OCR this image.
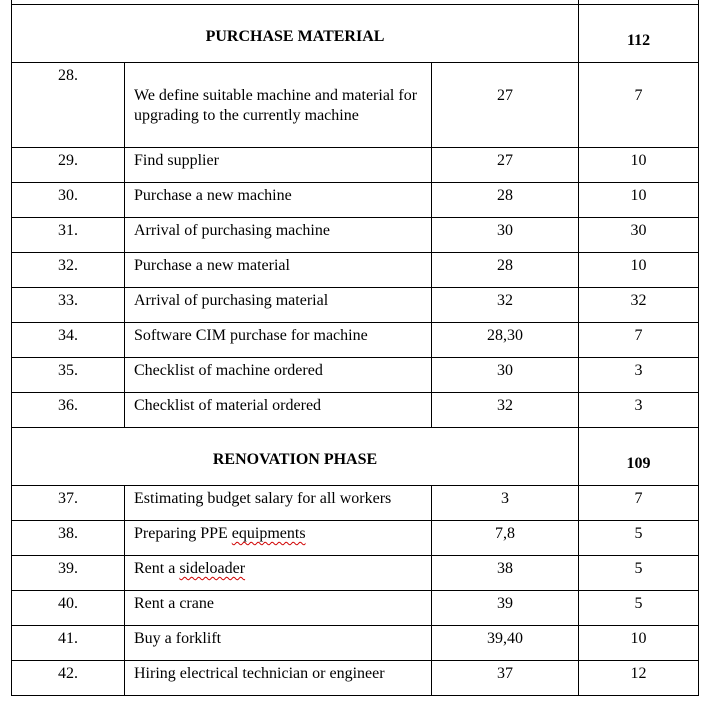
PURCHASE MATERIAL			112
28.	We define suitable machine and material for upgrading to the currently machine	27	7
29.	Find supplier	27	10
30.	Purchase a new machine	28	10
31.	Arrival of purchasing machine	30	30
32.	Purchase a new material	28	10
33.	Arrival of purchasing material	32	32
34.	Software CIM purchase for machine	28,30	7
35.	Checklist of machine ordered	30	3
36.	Checklist of material ordered	32	3
RENOVATION PHASE			109
37.	Estimating budget salary for all workers	3	7
38.	Preparing PPE equipments	7,8	5
39.	Rent a sideloader	38	5
40.	Rent a crane	39	5
41.	Buy a forklift	39,40	10
42.	Hiring electrical technician or engineer	37	12
